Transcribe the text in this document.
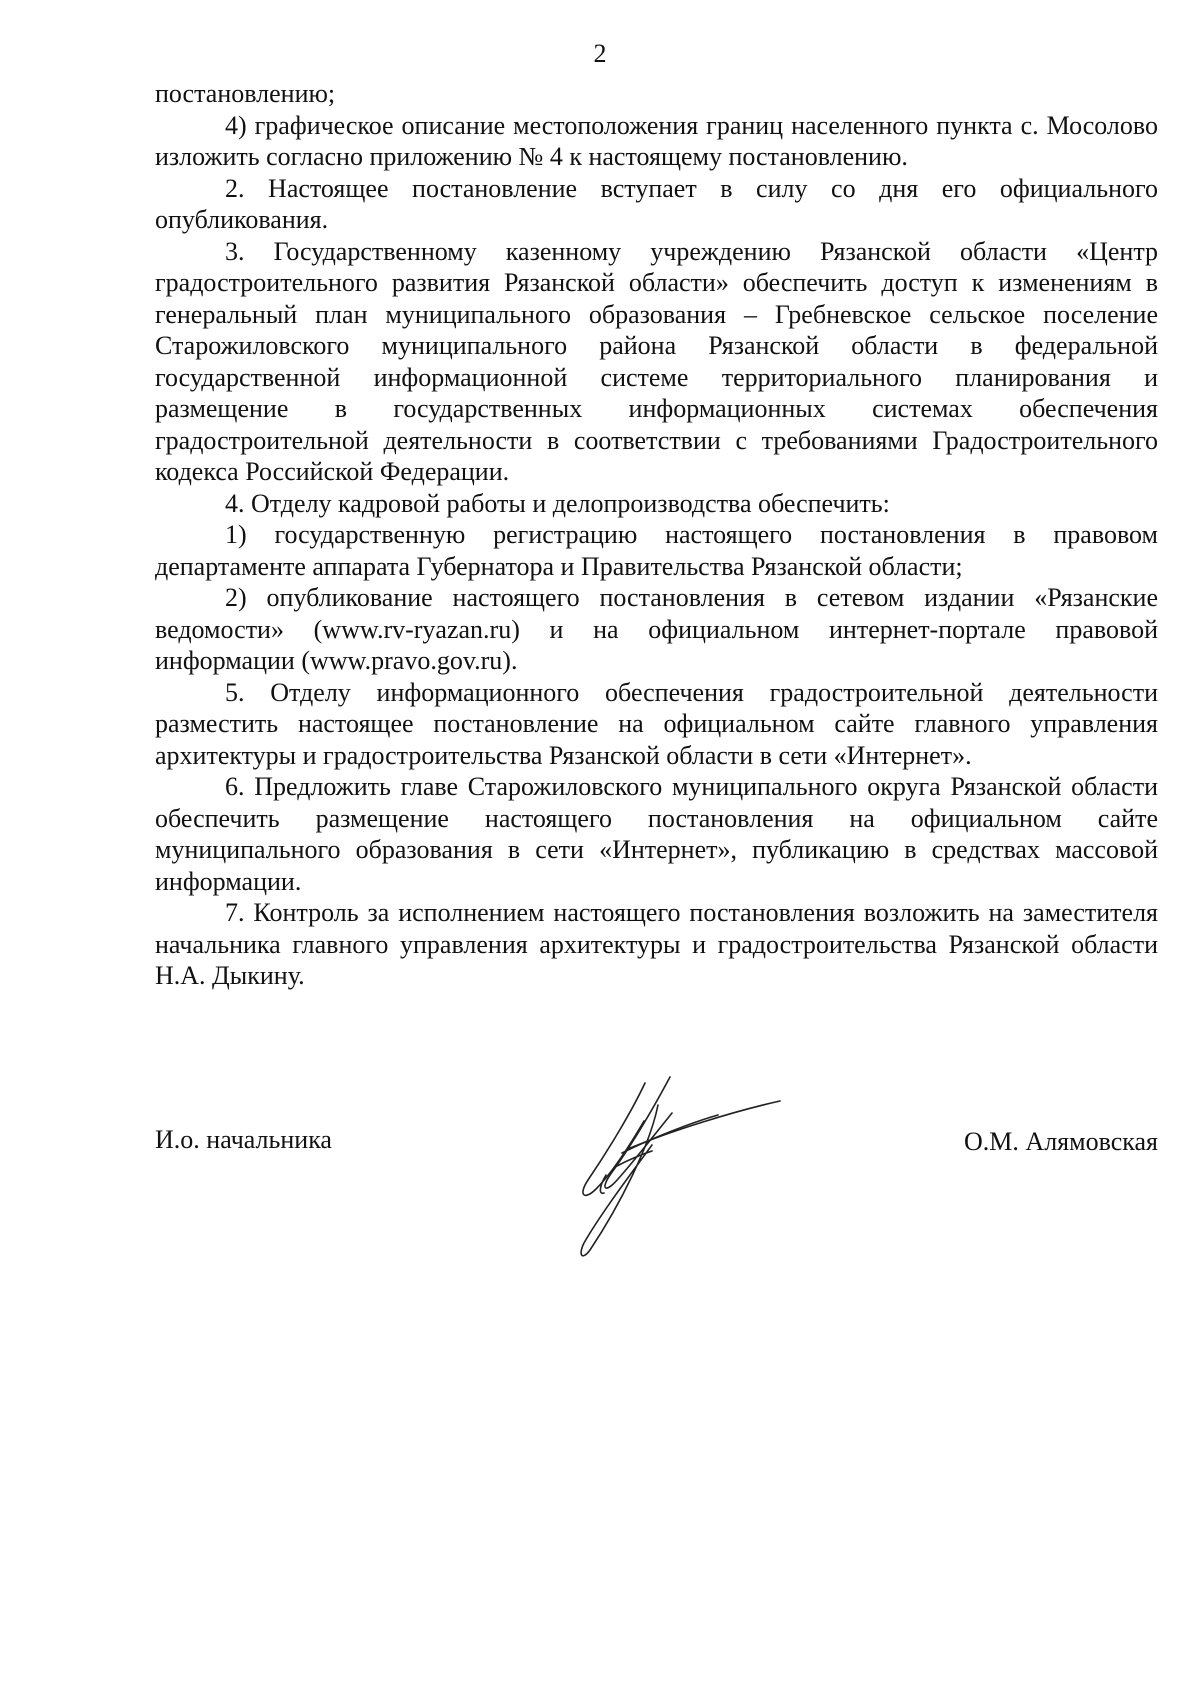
2

постановлению;

4) графическое описание местоположения границ населенного пункта с. Мосолово изложить согласно приложению № 4 к настоящему постановлению.

2. Настоящее постановление вступает в силу со дня его официального опубликования.

3. Государственному казенному учреждению Рязанской области «Центр градостроительного развития Рязанской области» обеспечить доступ к изменениям в генеральный план муниципального образования – Гребневское сельское поселение Старожиловского муниципального района Рязанской области в федеральной государственной информационной системе территориального планирования и размещение в государственных информационных системах обеспечения градостроительной деятельности в соответствии с требованиями Градостроительного кодекса Российской Федерации.

4. Отделу кадровой работы и делопроизводства обеспечить:

1) государственную регистрацию настоящего постановления в правовом департаменте аппарата Губернатора и Правительства Рязанской области;

2) опубликование настоящего постановления в сетевом издании «Рязанские ведомости» (www.rv-ryazan.ru) и на официальном интернет-портале правовой информации (www.pravo.gov.ru).

5. Отделу информационного обеспечения градостроительной деятельности разместить настоящее постановление на официальном сайте главного управления архитектуры и градостроительства Рязанской области в сети «Интернет».

6. Предложить главе Старожиловского муниципального округа Рязанской области обеспечить размещение настоящего постановления на официальном сайте муниципального образования в сети «Интернет», публикацию в средствах массовой информации.

7. Контроль за исполнением настоящего постановления возложить на заместителя начальника главного управления архитектуры и градостроительства Рязанской области Н.А. Дыкину.

И.о. начальника	О.М. Алямовская
